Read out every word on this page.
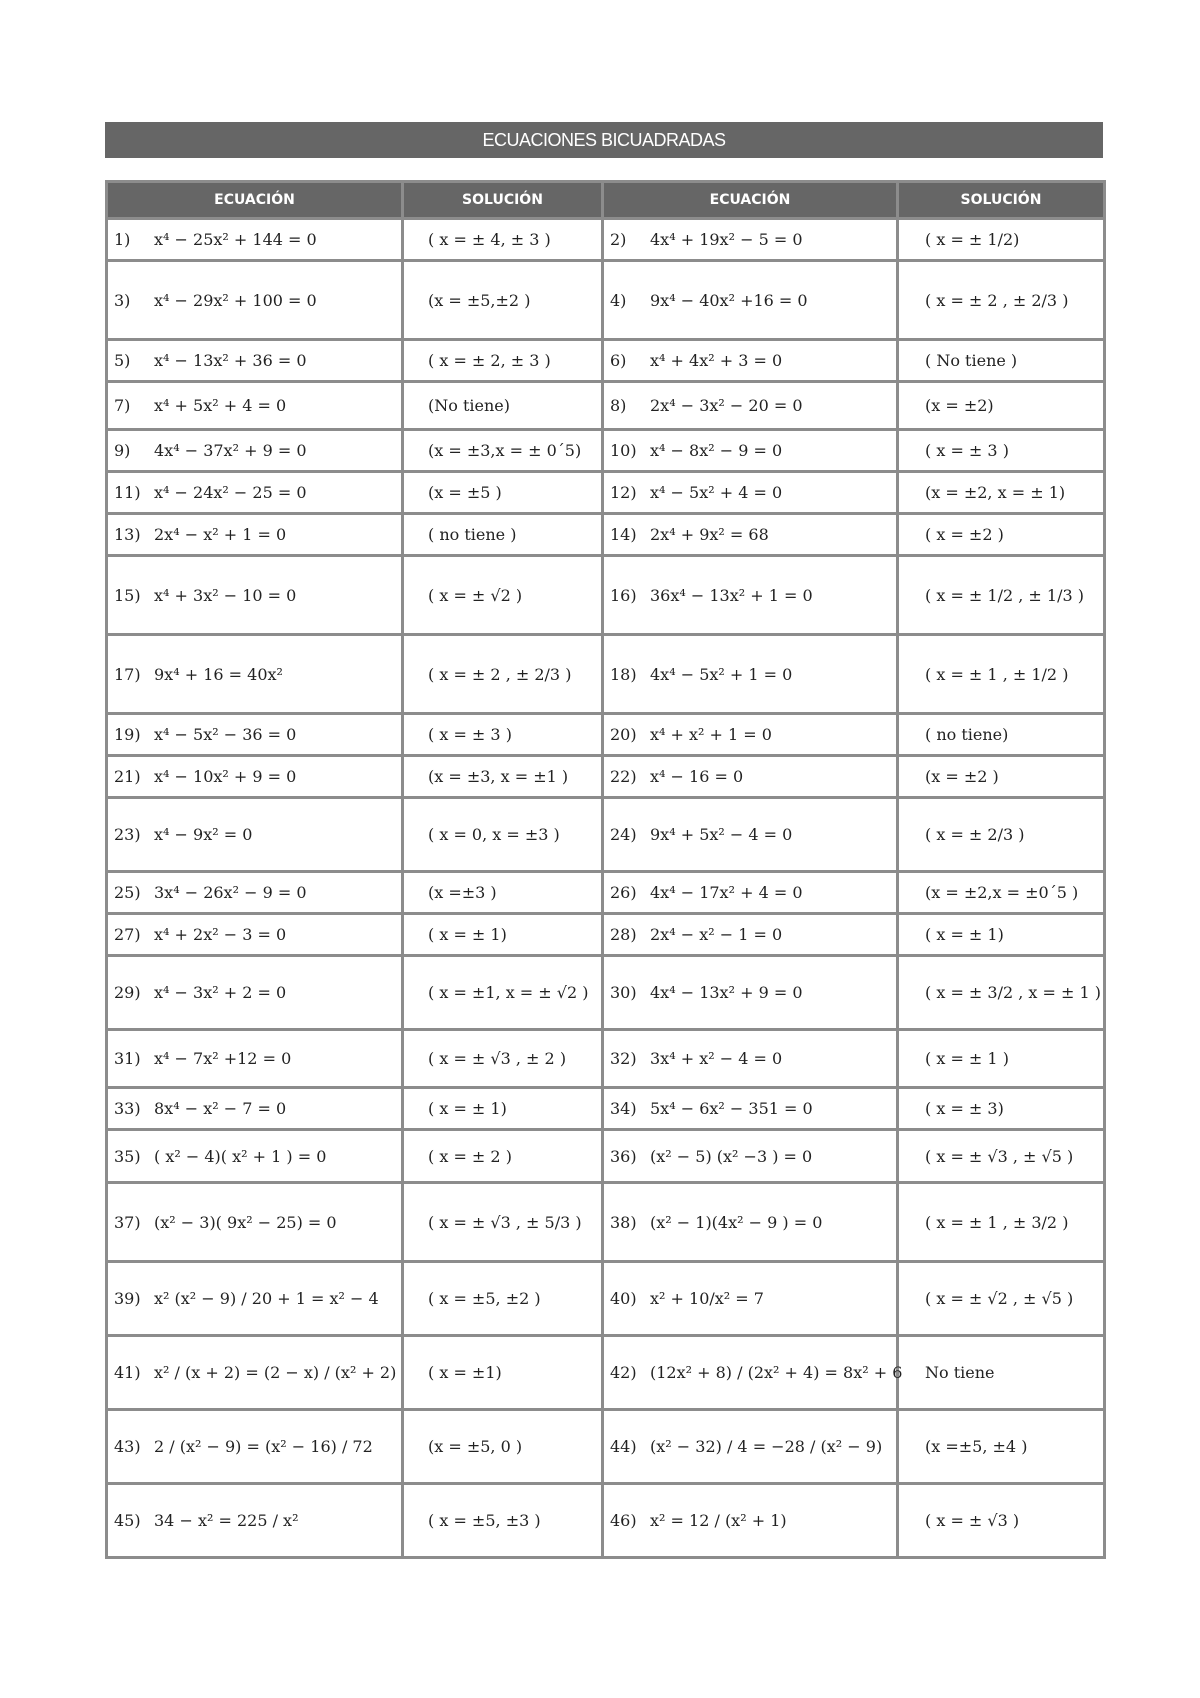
ECUACIONES BICUADRADAS
ECUACIÓN	SOLUCIÓN	ECUACIÓN	SOLUCIÓN
1) x⁴ − 25x² + 144 = 0	( x = ± 4, ± 3 )	2) 4x⁴ + 19x² − 5 = 0	( x = ± 1/2)
3) x⁴ − 29x² + 100 = 0	(x = ±5,±2 )	4) 9x⁴ − 40x² +16 = 0	( x = ± 2 , ± 2/3 )
5) x⁴ − 13x² + 36 = 0	( x = ± 2, ± 3 )	6) x⁴ + 4x² + 3 = 0	( No tiene )
7) x⁴ + 5x² + 4 = 0	(No tiene)	8) 2x⁴ − 3x² − 20 = 0	(x = ±2)
9) 4x⁴ − 37x² + 9 = 0	(x = ±3,x = ± 0´5)	10) x⁴ − 8x² − 9 = 0	( x = ± 3 )
11) x⁴ − 24x² − 25 = 0	(x = ±5 )	12) x⁴ − 5x² + 4 = 0	(x = ±2, x = ± 1)
13) 2x⁴ − x² + 1 = 0	( no tiene )	14) 2x⁴ + 9x² = 68	( x = ±2 )
15) x⁴ + 3x² − 10 = 0	( x = ± √2 )	16) 36x⁴ − 13x² + 1 = 0	( x = ± 1/2 , ± 1/3 )
17) 9x⁴ + 16 = 40x²	( x = ± 2 , ± 2/3 )	18) 4x⁴ − 5x² + 1 = 0	( x = ± 1 , ± 1/2 )
19) x⁴ − 5x² − 36 = 0	( x = ± 3 )	20) x⁴ + x² + 1 = 0	( no tiene)
21) x⁴ − 10x² + 9 = 0	(x = ±3, x = ±1 )	22) x⁴ − 16 = 0	(x = ±2 )
23) x⁴ − 9x² = 0	( x = 0, x = ±3 )	24) 9x⁴ + 5x² − 4 = 0	( x = ± 2/3 )
25) 3x⁴ − 26x² − 9 = 0	(x =±3 )	26) 4x⁴ − 17x² + 4 = 0	(x = ±2,x = ±0´5 )
27) x⁴ + 2x² − 3 = 0	( x = ± 1)	28) 2x⁴ − x² − 1 = 0	( x = ± 1)
29) x⁴ − 3x² + 2 = 0	( x = ±1, x = ± √2 )	30) 4x⁴ − 13x² + 9 = 0	( x = ± 3/2 , x = ± 1 )
31) x⁴ − 7x² +12 = 0	( x = ± √3 , ± 2 )	32) 3x⁴ + x² − 4 = 0	( x = ± 1 )
33) 8x⁴ − x² − 7 = 0	( x = ± 1)	34) 5x⁴ − 6x² − 351 = 0	( x = ± 3)
35) ( x² − 4)( x² + 1 ) = 0	( x = ± 2 )	36) (x² − 5) (x² −3 ) = 0	( x = ± √3 , ± √5 )
37) (x² − 3)( 9x² − 25) = 0	( x = ± √3 , ± 5/3 )	38) (x² − 1)(4x² − 9 ) = 0	( x = ± 1 , ± 3/2 )
39) x² (x² − 9) / 20 + 1 = x² − 4	( x = ±5, ±2 )	40) x² + 10/x² = 7	( x = ± √2 , ± √5 )
41) x² / (x + 2) = (2 − x) / (x² + 2)	( x = ±1)	42) (12x² + 8) / (2x² + 4) = 8x² + 6	No tiene
43) 2 / (x² − 9) = (x² − 16) / 72	(x = ±5, 0 )	44) (x² − 32) / 4 = −28 / (x² − 9)	(x =±5, ±4 )
45) 34 − x² = 225 / x²	( x = ±5, ±3 )	46) x² = 12 / (x² + 1)	( x = ± √3 )
